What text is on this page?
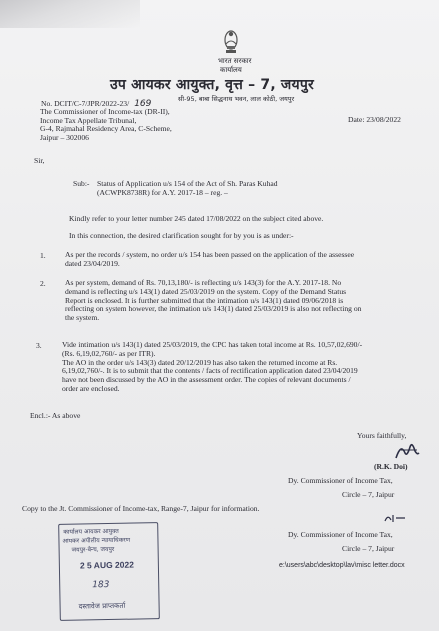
भारत सरकार
कार्यालय
उप आयकर आयुक्त, वृत्त – 7, जयपुर
सी-95, बाबा सिद्धनाथ भवन, लाल कोठी, जयपुर
No. DCIT/C-7/JPR/2022-23/ 169
Date: 23/08/2022
The Commissioner of Income-tax (DR-II),
Income Tax Appellate Tribunal,
G-4, Rajmahal Residency Area, C-Scheme,
Jaipur – 302006
Sir,
Sub:- Status of Application u/s 154 of the Act of Sh. Paras Kuhad
(ACWPK8738R) for A.Y. 2017-18 – reg. –
Kindly refer to your letter number 245 dated 17/08/2022 on the subject cited above.
In this connection, the desired clarification sought for by you is as under:-
1.	As per the records / system, no order u/s 154 has been passed on the application of the assessee
dated 23/04/2019.
2.	As per system, demand of Rs. 70,13,180/- is reflecting u/s 143(3) for the A.Y. 2017-18. No
demand is reflecting u/s 143(1) dated 25/03/2019 on the system. Copy of the Demand Status
Report is enclosed. It is further submitted that the intimation u/s 143(1) dated 09/06/2018 is
reflecting on system however, the intimation u/s 143(1) dated 25/03/2019 is also not reflecting on
the system.
3.	Vide intimation u/s 143(1) dated 25/03/2019, the CPC has taken total income at Rs. 10,57,02,690/-
(Rs. 6,19,02,760/- as per ITR).
The AO in the order u/s 143(3) dated 20/12/2019 has also taken the returned income at Rs.
6,19,02,760/-. It is to submit that the contents / facts of rectification application dated 23/04/2019
have not been discussed by the AO in the assessment order. The copies of relevant documents /
order are enclosed.
Encl.:- As above
Yours faithfully,
(R.K. Doi)
Dy. Commissioner of Income Tax,
Circle – 7, Jaipur
Copy to the Jt. Commissioner of Income-tax, Range-7, Jaipur for information.
Dy. Commissioner of Income Tax,
Circle – 7, Jaipur
e:\users\abc\desktop\lav\misc letter.docx
कार्यालय आयकर आयुक्त
आयकर अपीलीय न्यायाधिकरण
जयपुर-बेन्च, जयपुर
2 5 AUG 2022
183
दस्तावेज प्राप्तकर्ता
